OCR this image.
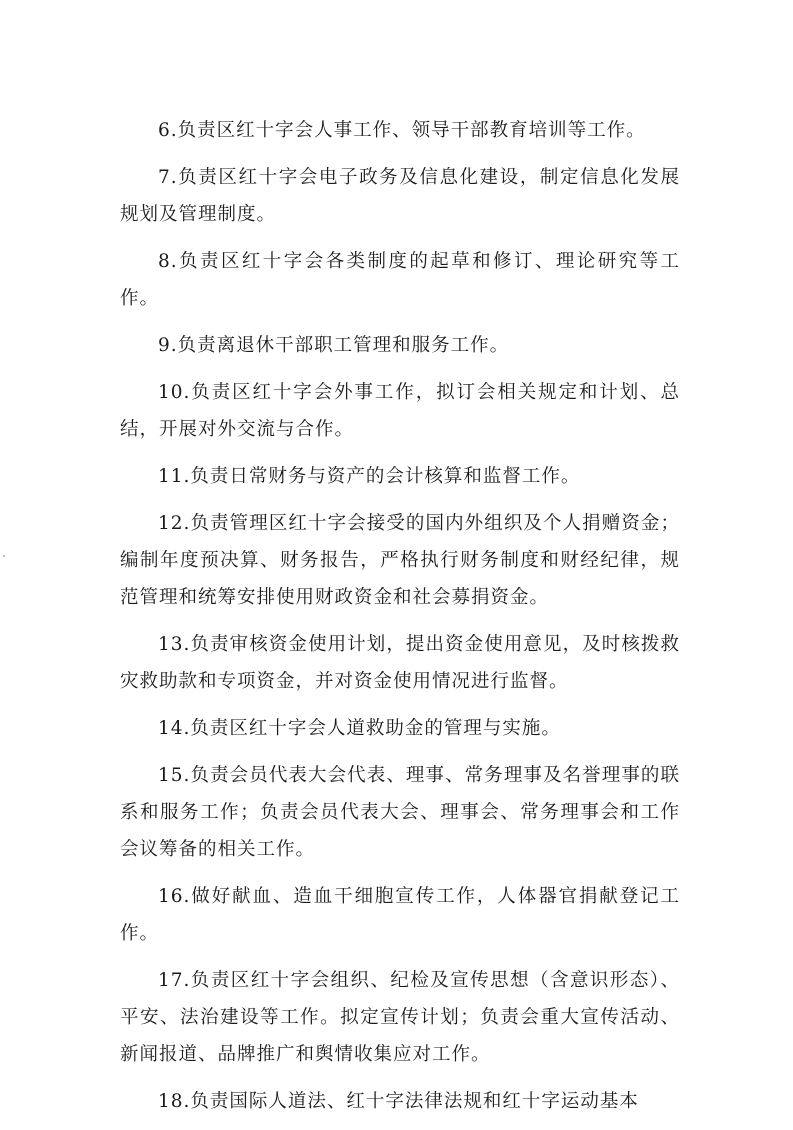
6.负责区红十字会人事工作、领导干部教育培训等工作。

7.负责区红十字会电子政务及信息化建设，制定信息化发展规划及管理制度。

8.负责区红十字会各类制度的起草和修订、理论研究等工作。

9.负责离退休干部职工管理和服务工作。

10.负责区红十字会外事工作，拟订会相关规定和计划、总结，开展对外交流与合作。

11.负责日常财务与资产的会计核算和监督工作。

12.负责管理区红十字会接受的国内外组织及个人捐赠资金；编制年度预决算、财务报告，严格执行财务制度和财经纪律，规范管理和统筹安排使用财政资金和社会募捐资金。

13.负责审核资金使用计划，提出资金使用意见，及时核拨救灾救助款和专项资金，并对资金使用情况进行监督。

14.负责区红十字会人道救助金的管理与实施。

15.负责会员代表大会代表、理事、常务理事及名誉理事的联系和服务工作；负责会员代表大会、理事会、常务理事会和工作会议筹备的相关工作。

16.做好献血、造血干细胞宣传工作，人体器官捐献登记工作。

17.负责区红十字会组织、纪检及宣传思想（含意识形态）、平安、法治建设等工作。拟定宣传计划；负责会重大宣传活动、新闻报道、品牌推广和舆情收集应对工作。

18.负责国际人道法、红十字法律法规和红十字运动基本
